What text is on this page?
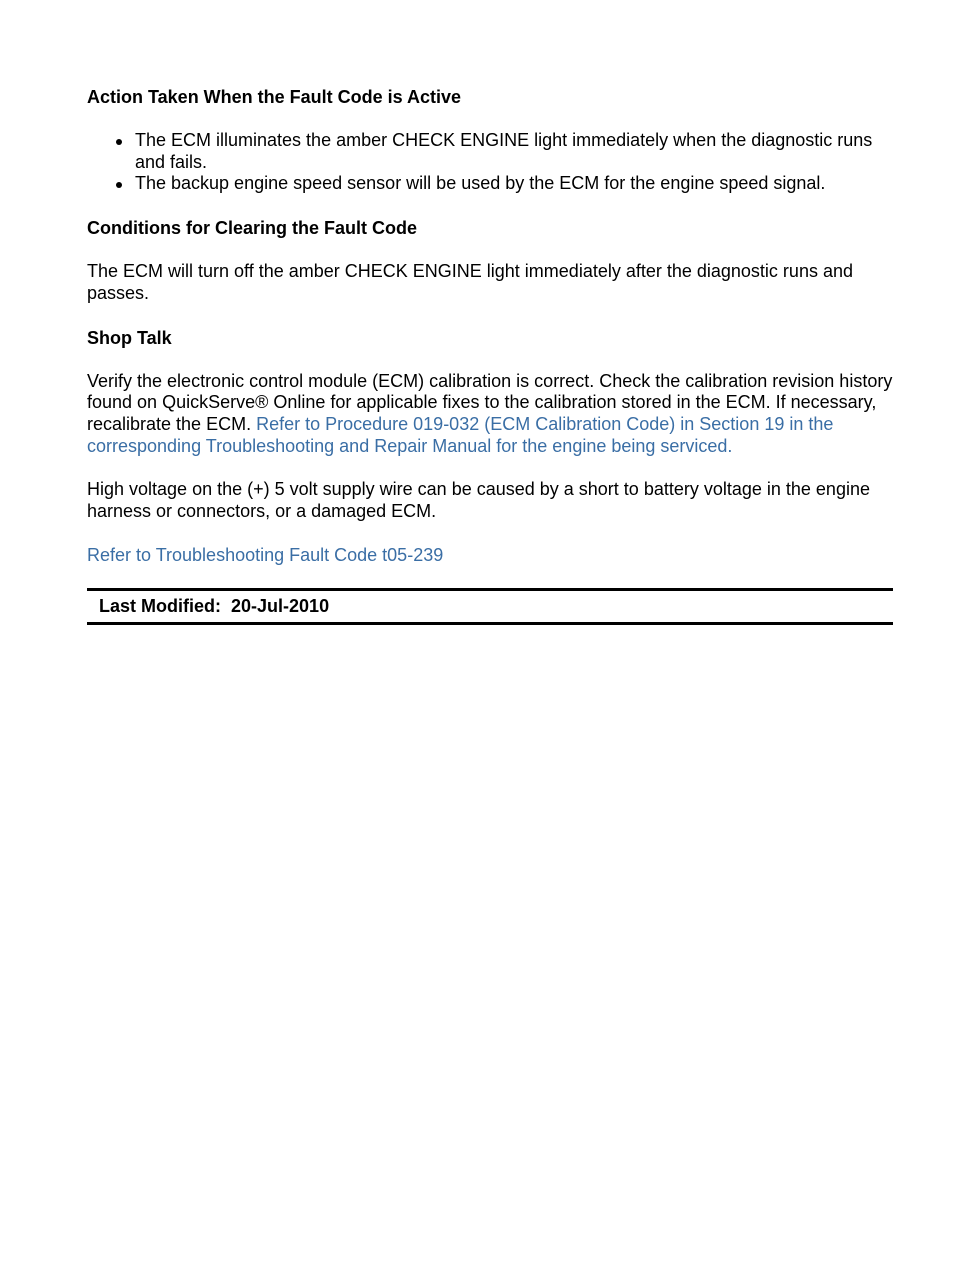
Action Taken When the Fault Code is Active
The ECM illuminates the amber CHECK ENGINE light immediately when the diagnostic runs and fails.
The backup engine speed sensor will be used by the ECM for the engine speed signal.
Conditions for Clearing the Fault Code

The ECM will turn off the amber CHECK ENGINE light immediately after the diagnostic runs and passes.

Shop Talk

Verify the electronic control module (ECM) calibration is correct. Check the calibration revision history found on QuickServe® Online for applicable fixes to the calibration stored in the ECM. If necessary, recalibrate the ECM. Refer to Procedure 019-032 (ECM Calibration Code) in Section 19 in the corresponding Troubleshooting and Repair Manual for the engine being serviced.

High voltage on the (+) 5 volt supply wire can be caused by a short to battery voltage in the engine harness or connectors, or a damaged ECM.

Refer to Troubleshooting Fault Code t05-239

Last Modified:
20-Jul-2010
